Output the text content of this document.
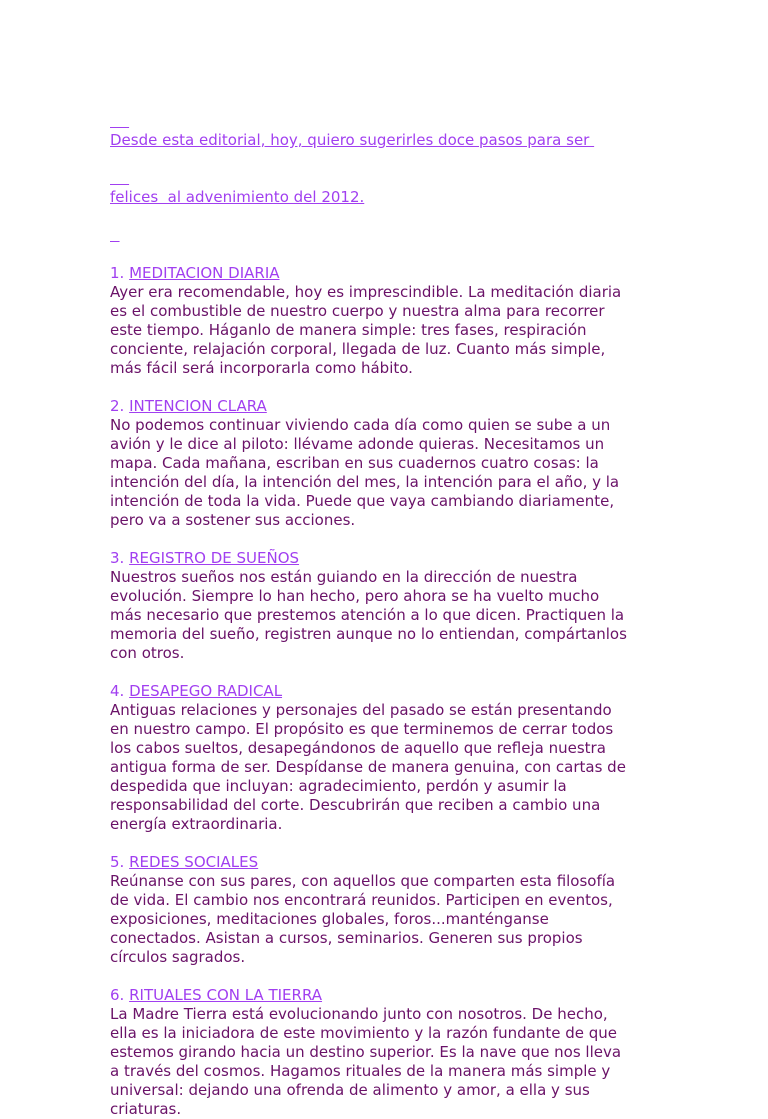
Desde esta editorial, hoy, quiero sugerirles doce pasos para ser

felices  al advenimiento del 2012.

1. MEDITACION DIARIA
Ayer era recomendable, hoy es imprescindible. La meditación diaria
es el combustible de nuestro cuerpo y nuestra alma para recorrer
este tiempo. Háganlo de manera simple: tres fases, respiración
conciente, relajación corporal, llegada de luz. Cuanto más simple,
más fácil será incorporarla como hábito.
2. INTENCION CLARA
No podemos continuar viviendo cada día como quien se sube a un
avión y le dice al piloto: llévame adonde quieras. Necesitamos un
mapa. Cada mañana, escriban en sus cuadernos cuatro cosas: la
intención del día, la intención del mes, la intención para el año, y la
intención de toda la vida. Puede que vaya cambiando diariamente,
pero va a sostener sus acciones.
3. REGISTRO DE SUEÑOS
Nuestros sueños nos están guiando en la dirección de nuestra
evolución. Siempre lo han hecho, pero ahora se ha vuelto mucho
más necesario que prestemos atención a lo que dicen. Practiquen la
memoria del sueño, registren aunque no lo entiendan, compártanlos
con otros.
4. DESAPEGO RADICAL
Antiguas relaciones y personajes del pasado se están presentando
en nuestro campo. El propósito es que terminemos de cerrar todos
los cabos sueltos, desapegándonos de aquello que refleja nuestra
antigua forma de ser. Despídanse de manera genuina, con cartas de
despedida que incluyan: agradecimiento, perdón y asumir la
responsabilidad del corte. Descubrirán que reciben a cambio una
energía extraordinaria.
5. REDES SOCIALES
Reúnanse con sus pares, con aquellos que comparten esta filosofía
de vida. El cambio nos encontrará reunidos. Participen en eventos,
exposiciones, meditaciones globales, foros...manténganse
conectados. Asistan a cursos, seminarios. Generen sus propios
círculos sagrados.
6. RITUALES CON LA TIERRA
La Madre Tierra está evolucionando junto con nosotros. De hecho,
ella es la iniciadora de este movimiento y la razón fundante de que
estemos girando hacia un destino superior. Es la nave que nos lleva
a través del cosmos. Hagamos rituales de la manera más simple y
universal: dejando una ofrenda de alimento y amor, a ella y sus
criaturas.
